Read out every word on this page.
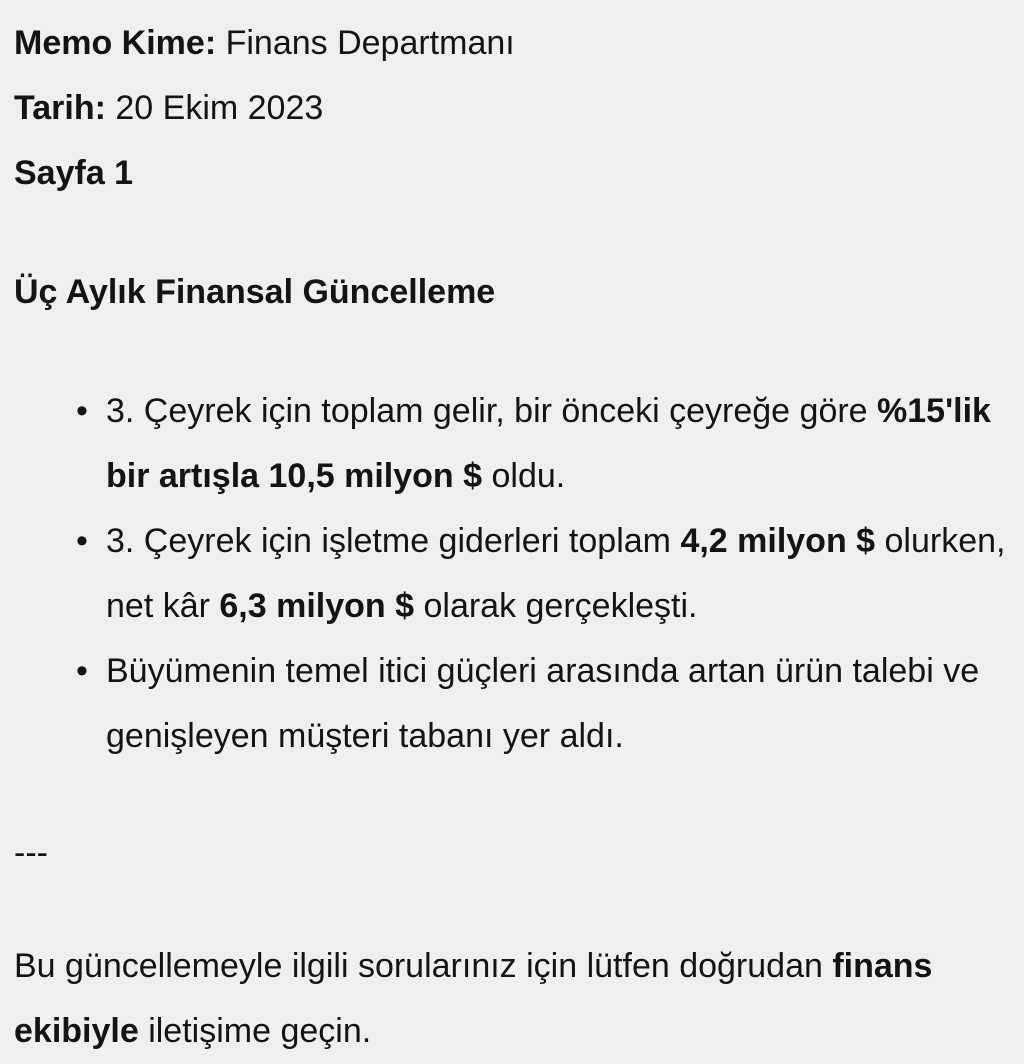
Memo Kime: Finans Departmanı
Tarih: 20 Ekim 2023
Sayfa 1
Üç Aylık Finansal Güncelleme
• 3. Çeyrek için toplam gelir, bir önceki çeyreğe göre %15'lik bir artışla 10,5 milyon $ oldu.
• 3. Çeyrek için işletme giderleri toplam 4,2 milyon $ olurken, net kâr 6,3 milyon $ olarak gerçekleşti.
• Büyümenin temel itici güçleri arasında artan ürün talebi ve genişleyen müşteri tabanı yer aldı.
---
Bu güncellemeyle ilgili sorularınız için lütfen doğrudan finans ekibiyle iletişime geçin.
